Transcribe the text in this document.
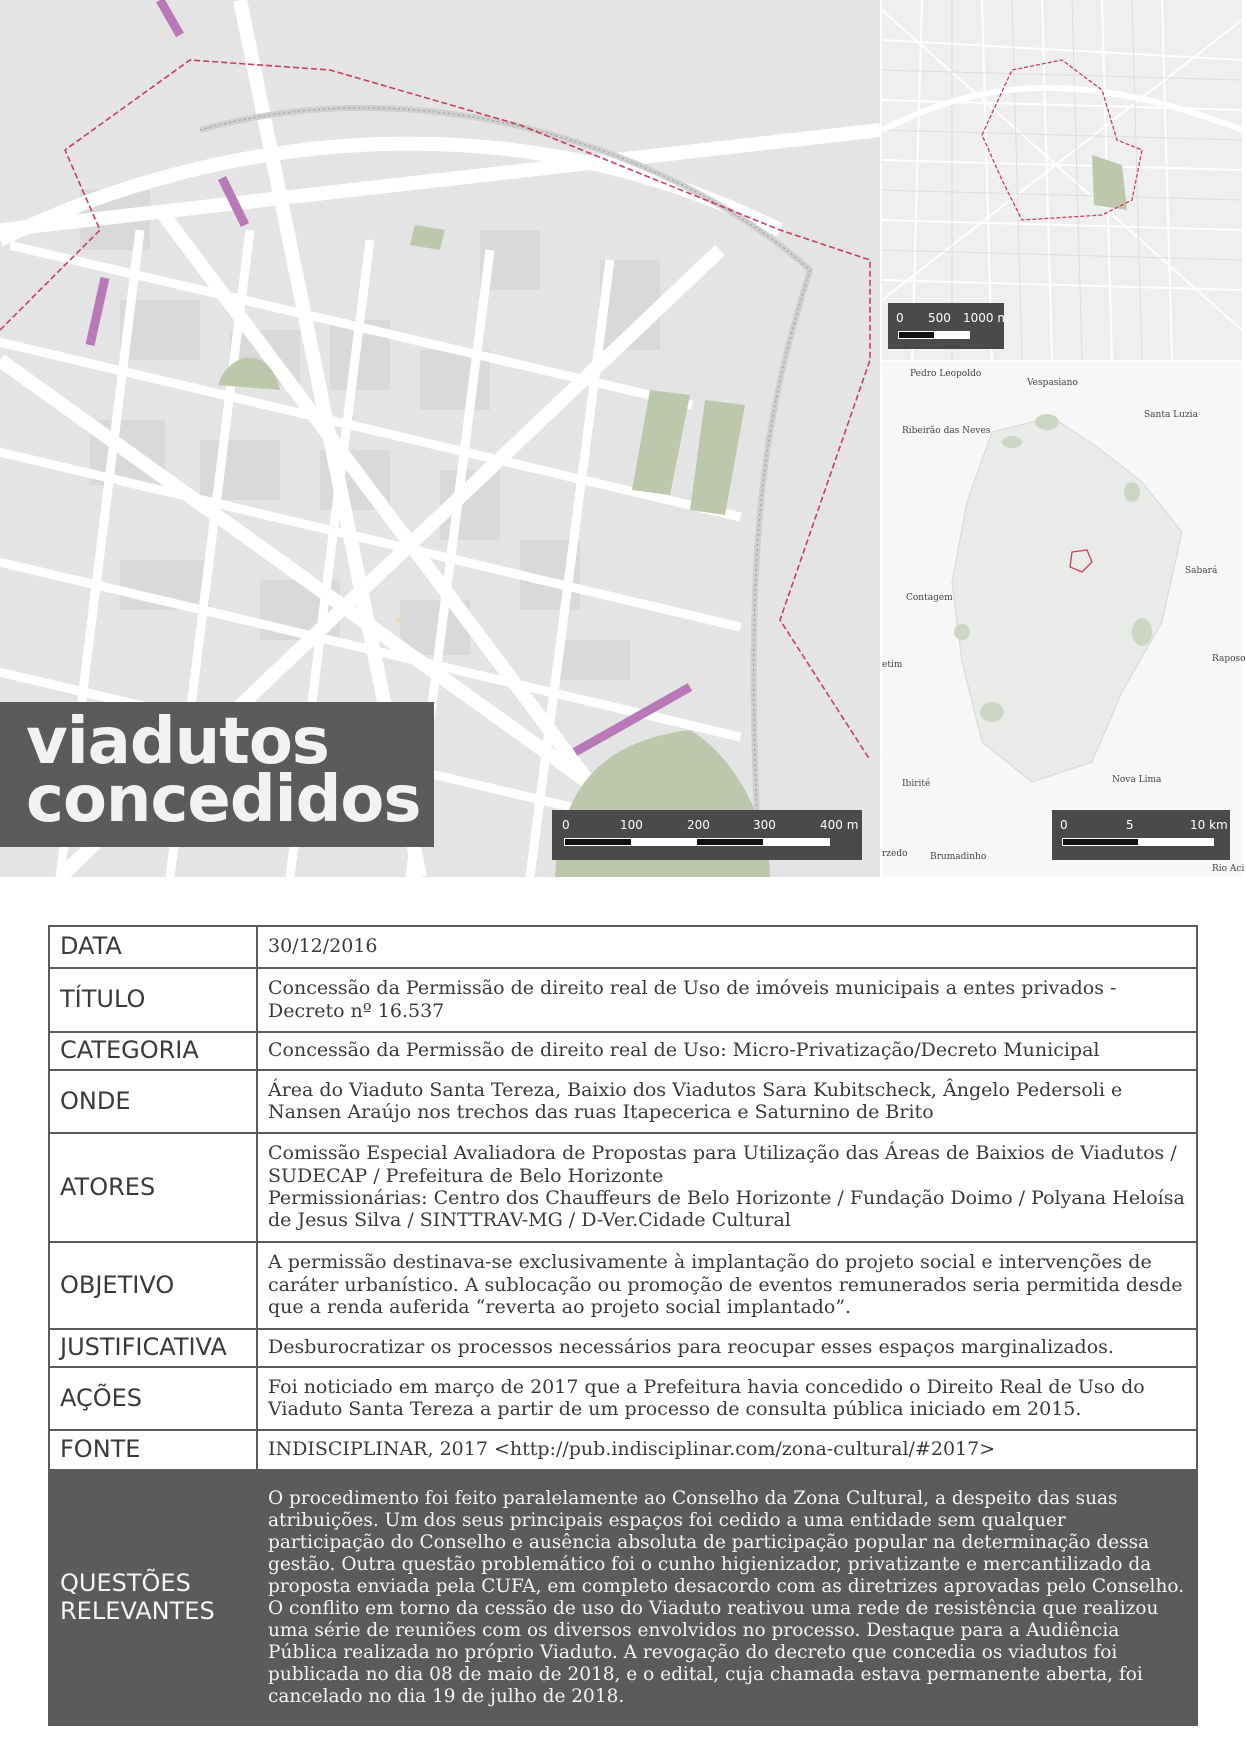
viadutos
concedidos	0	100	200	300	400 m
0 500 1000 m
Pedro Leopoldo
Vespasiano
Santa Luzia
Ribeirão das Neves
Sabará
Contagem
etim
Raposo
Ibirité	Nova Lima
rzedo Brumadinho
Rio Aci
0	5	10 km
DATA	30/12/2016
TÍTULO	Concessão da Permissão de direito real de Uso de imóveis municipais a entes privados - Decreto nº 16.537
CATEGORIA	Concessão da Permissão de direito real de Uso: Micro-Privatização/Decreto Municipal
ONDE	Área do Viaduto Santa Tereza, Baixio dos Viadutos Sara Kubitscheck, Ângelo Pedersoli e Nansen Araújo nos trechos das ruas Itapecerica e Saturnino de Brito
ATORES	Comissão Especial Avaliadora de Propostas para Utilização das Áreas de Baixios de Viadutos / SUDECAP / Prefeitura de Belo Horizonte
Permissionárias: Centro dos Chauffeurs de Belo Horizonte / Fundação Doimo / Polyana Heloísa de Jesus Silva / SINTTRAV-MG / D-Ver.Cidade Cultural

OBJETIVO	A permissão destinava-se exclusivamente à implantação do projeto social e intervenções de caráter urbanístico. A sublocação ou promoção de eventos remunerados seria permitida desde que a renda auferida “reverta ao projeto social implantado”.
JUSTIFICATIVA	Desburocratizar os processos necessários para reocupar esses espaços marginalizados.
AÇÕES	Foi noticiado em março de 2017 que a Prefeitura havia concedido o Direito Real de Uso do Viaduto Santa Tereza a partir de um processo de consulta pública iniciado em 2015.
FONTE	INDISCIPLINAR, 2017 <http://pub.indisciplinar.com/zona-cultural/#2017>
QUESTÕES RELEVANTES	O procedimento foi feito paralelamente ao Conselho da Zona Cultural, a despeito das suas atribuições. Um dos seus principais espaços foi cedido a uma entidade sem qualquer participação do Conselho e ausência absoluta de participação popular na determinação dessa gestão. Outra questão problemático foi o cunho higienizador, privatizante e mercantilizado da proposta enviada pela CUFA, em completo desacordo com as diretrizes aprovadas pelo Conselho. O conflito em torno da cessão de uso do Viaduto reativou uma rede de resistência que realizou uma série de reuniões com os diversos envolvidos no processo. Destaque para a Audiência Pública realizada no próprio Viaduto. A revogação do decreto que concedia os viadutos foi publicada no dia 08 de maio de 2018, e o edital, cuja chamada estava permanente aberta, foi cancelado no dia 19 de julho de 2018.
